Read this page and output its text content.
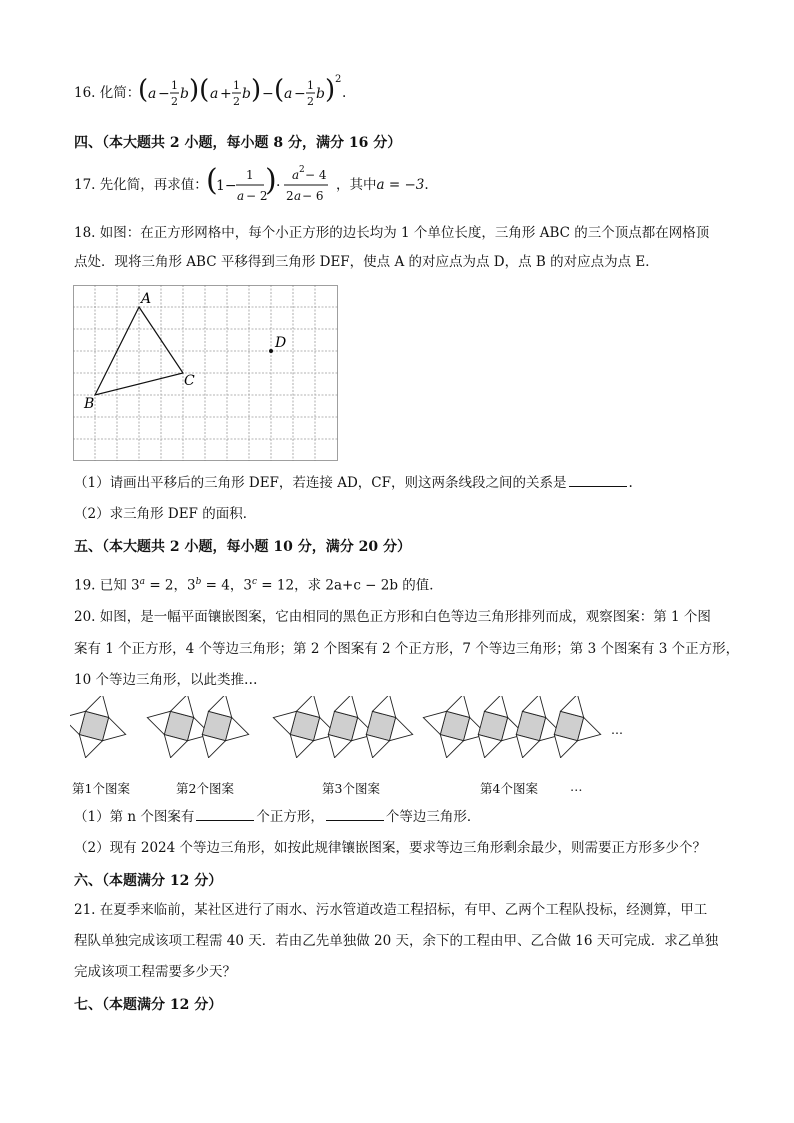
16. 化简：
( a −
1
2 b )( a +
1
2 b ) − ( a −
1
2 b ) 2
.
四、（本大题共 2 小题，每小题 8 分，满分 16 分）
17. 先化简，再求值：
(
1−
1
a − 2
) ·
a 2 − 4
2 a − 6
，其中a = −3.
18. 如图：在正方形网格中，每个小正方形的边长均为 1 个单位长度，三角形 ABC 的三个顶点都在网格顶
点处．现将三角形 ABC 平移得到三角形 DEF，使点 A 的对应点为点 D，点 B 的对应点为点 E．
A
B
C
D
（1）请画出平移后的三角形 DEF，若连接 AD，CF，则这两条线段之间的关系是	.
（2）求三角形 DEF 的面积．
五、（本大题共 2 小题，每小题 10 分，满分 20 分）
19. 已知 $3^a = 2$，$3^b = 4$，$3^c = 12$，求 2a+c − 2b 的值．
20. 如图，是一幅平面镶嵌图案，它由相同的黑色正方形和白色等边三角形排列而成，观察图案：第 1 个图
案有 1 个正方形，4 个等边三角形；第 2 个图案有 2 个正方形，7 个等边三角形；第 3 个图案有 3 个正方形，
10 个等边三角形，以此类推…
…
第1个图案	第2个图案	第3个图案	第4个图案	…
（1）第 n 个图案有	个正方形，	个等边三角形．
（2）现有 2024 个等边三角形，如按此规律镶嵌图案，要求等边三角形剩余最少，则需要正方形多少个？
六、（本题满分 12 分）
21. 在夏季来临前，某社区进行了雨水、污水管道改造工程招标，有甲、乙两个工程队投标，经测算，甲工
程队单独完成该项工程需 40 天．若由乙先单独做 20 天，余下的工程由甲、乙合做 16 天可完成．求乙单独
完成该项工程需要多少天？
七、（本题满分 12 分）
